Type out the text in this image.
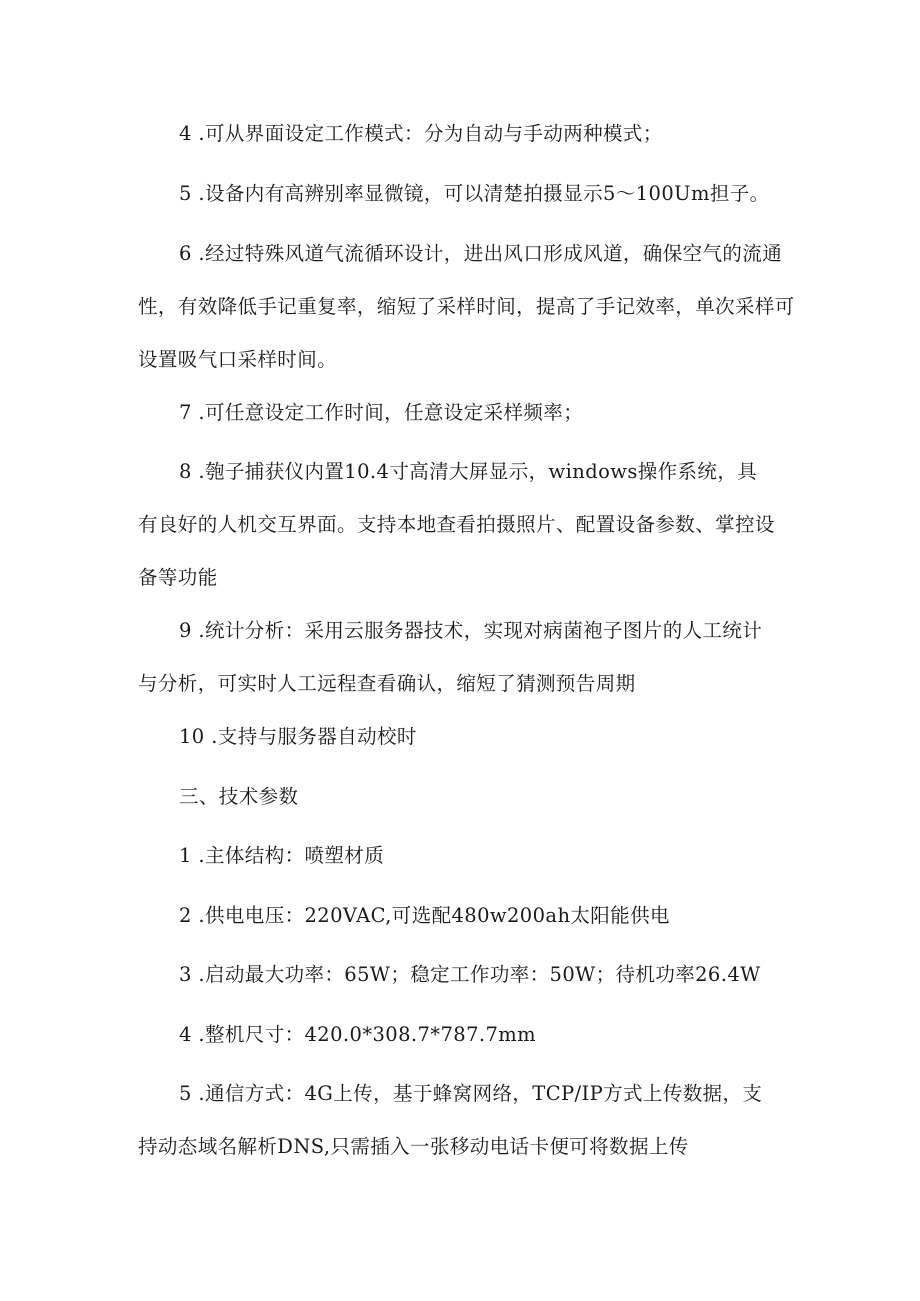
4 .可从界面设定工作模式：分为自动与手动两种模式；

5 .设备内有高辨别率显微镜，可以清楚拍摄显示5～100Um担子。

6 .经过特殊风道气流循环设计，进出风口形成风道，确保空气的流通
性，有效降低手记重复率，缩短了采样时间，提高了手记效率，单次采样可
设置吸气口采样时间。

7 .可任意设定工作时间，任意设定采样频率；

8 .匏子捕获仪内置10.4寸高清大屏显示，windows操作系统，具
有良好的人机交互界面。支持本地查看拍摄照片、配置设备参数、掌控设
备等功能

9 .统计分析：采用云服务器技术，实现对病菌袍子图片的人工统计
与分析，可实时人工远程查看确认，缩短了猜测预告周期

10 .支持与服务器自动校时

三、技术参数

1 .主体结构：喷塑材质

2 .供电电压：220VAC,可选配480w200ah太阳能供电

3 .启动最大功率：65W；稳定工作功率：50W；待机功率26.4W

4 .整机尺寸：420.0*308.7*787.7mm

5 .通信方式：4G上传，基于蜂窝网络，TCP/IP方式上传数据，支
持动态域名解析DNS,只需插入一张移动电话卡便可将数据上传
